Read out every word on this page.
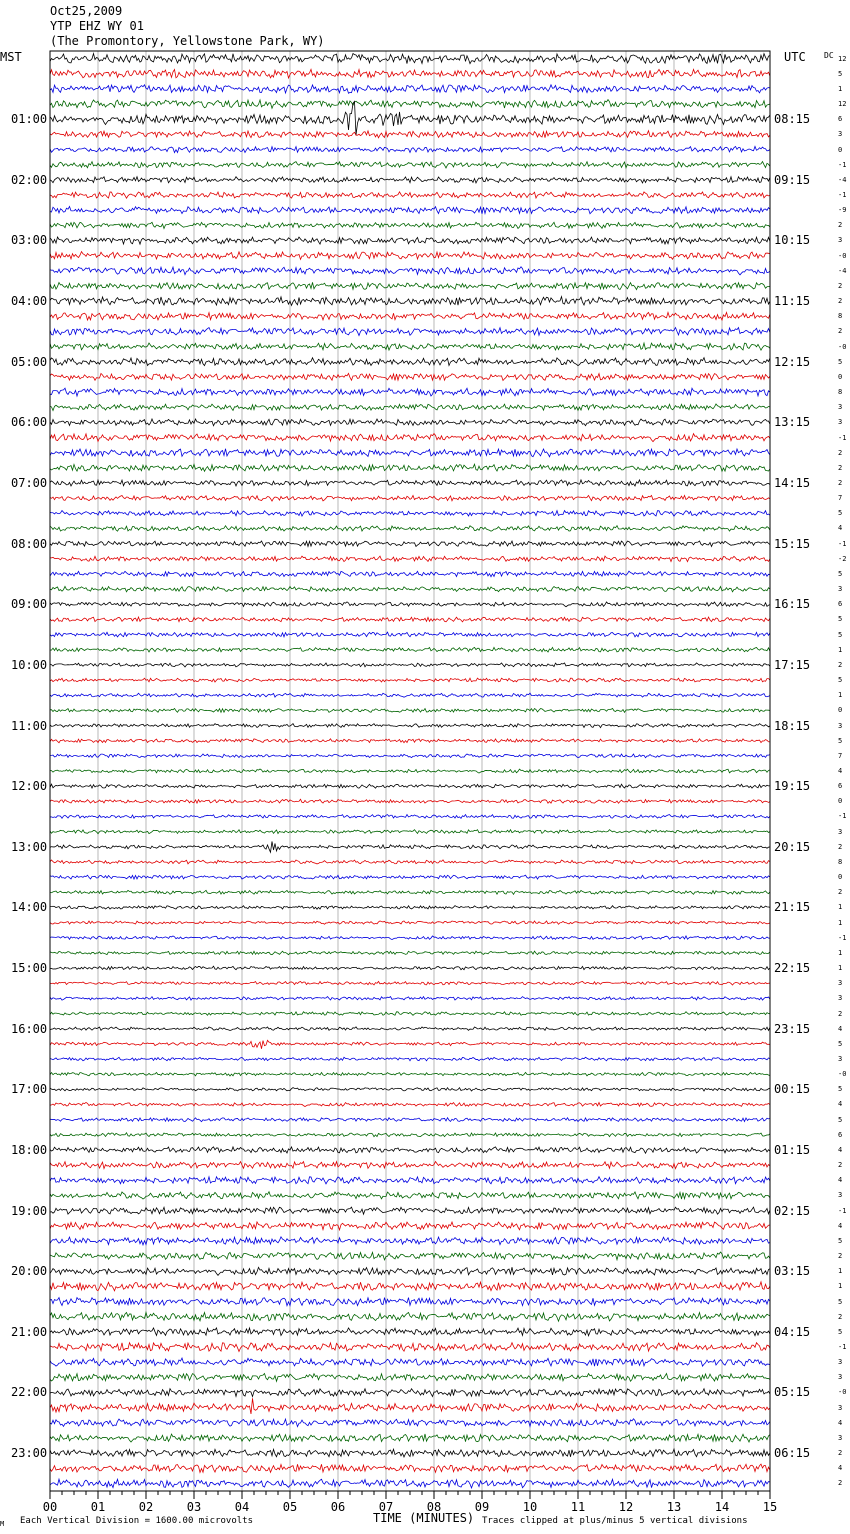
00	01	02	03	04	05	06	07	08	09	10	11	12	13	14	15
Oct25,2009
YTP EHZ WY 01
(The Promontory, Yellowstone Park, WY)
MST	UTC DC 12
5
1
12
6
3
0
-1
-4
-1
-9
2
3
-0
-4
2
2
8
2
-0
5
0
8
3
3
-1
2
2
2
7
5
4
-1
-2
5
3
6
5
5
1
2
5
1
0
3
5
7
4
6
0
-1
3
2
8
0
2
1
1
-1
1
1
3
3
2
4
5
3
-0
5
4
5
6
4
2
4
3
-1
4
5
2
1
1
5
2
5
-1
3
3
-0
3
4
3
2
4
2
01:00	08:15
02:00	09:15
03:00	10:15
04:00	11:15
05:00	12:15
06:00	13:15
07:00	14:15
08:00	15:15
09:00	16:15
10:00	17:15
11:00	18:15
12:00	19:15
13:00	20:15
14:00	21:15
15:00	22:15
16:00	23:15
17:00	00:15
18:00	01:15
19:00	02:15
20:00	03:15
21:00	04:15
22:00	05:15
23:00	06:15
M Each Vertical Division = 1600.00 microvolts	TIME (MINUTES) Traces clipped at plus/minus 5 vertical divisions
